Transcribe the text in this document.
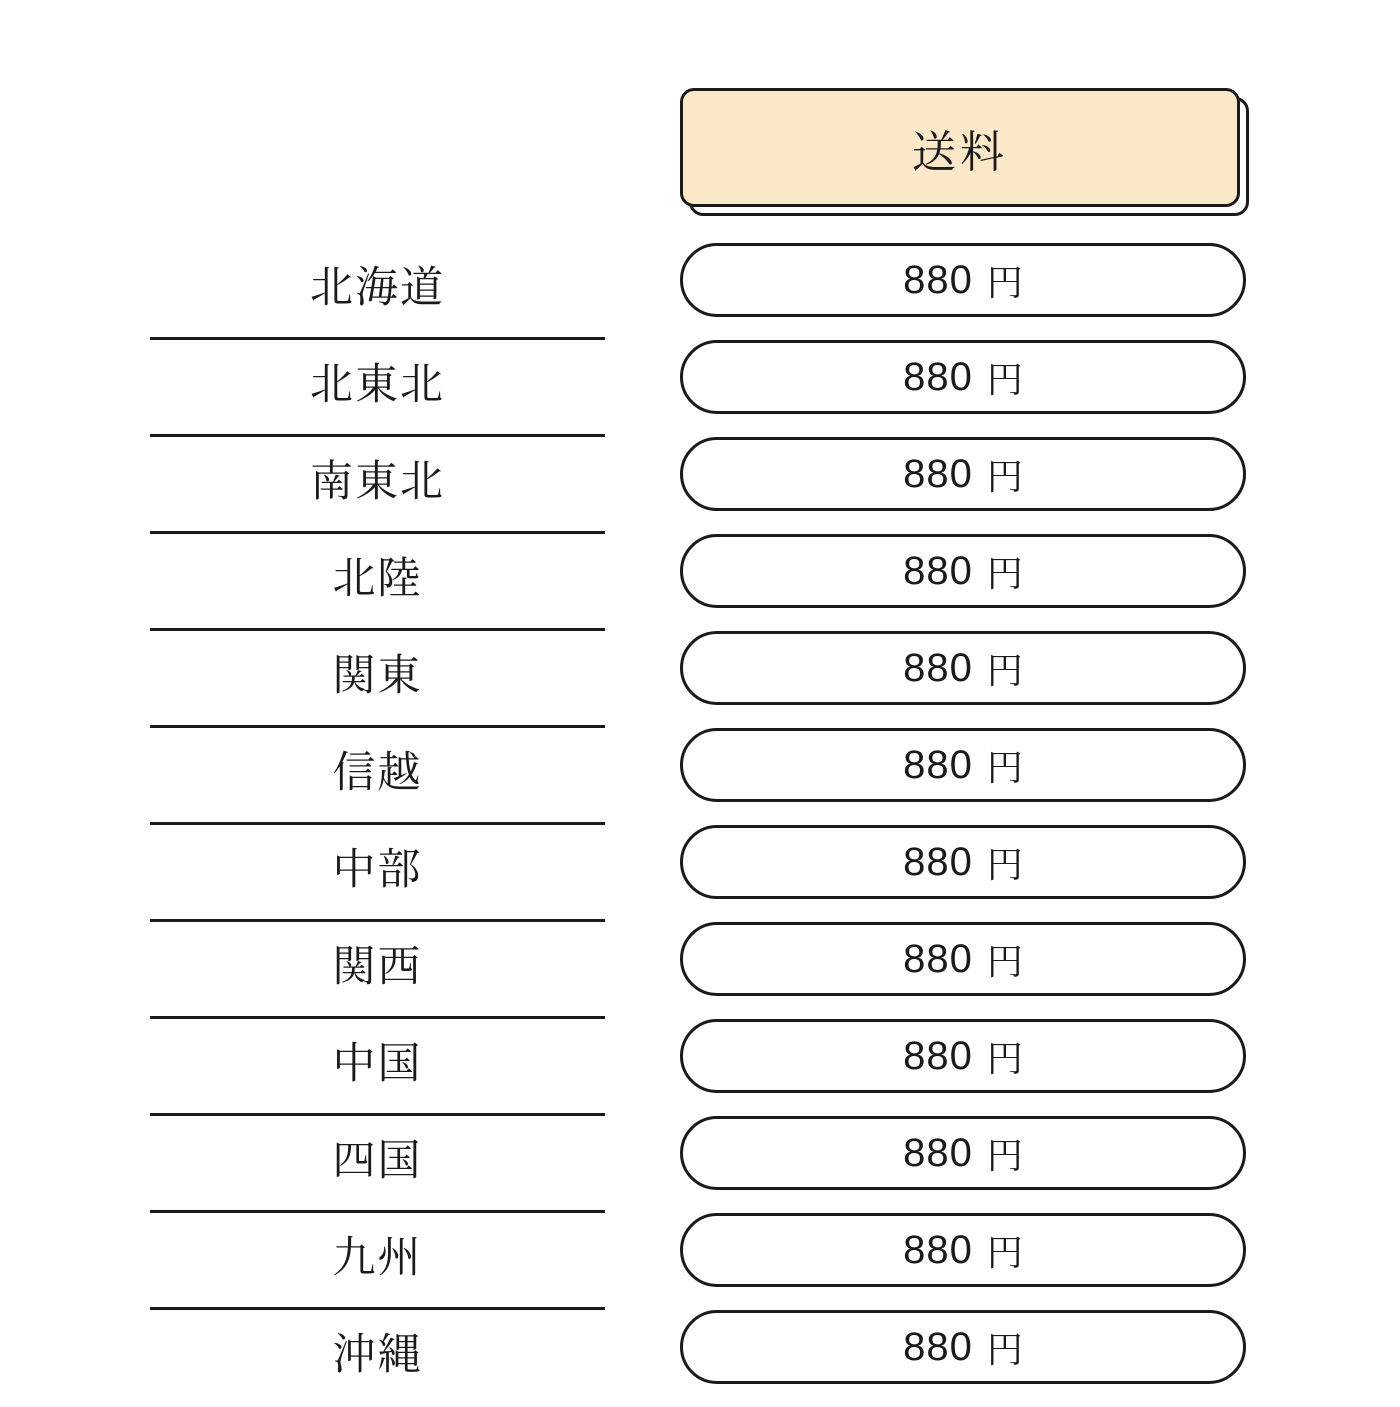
北海道
北東北
南東北
北陸
関東
信越
中部
関西
中国
四国
九州
沖縄
送料
880 円
880 円
880 円
880 円
880 円
880 円
880 円
880 円
880 円
880 円
880 円
880 円
